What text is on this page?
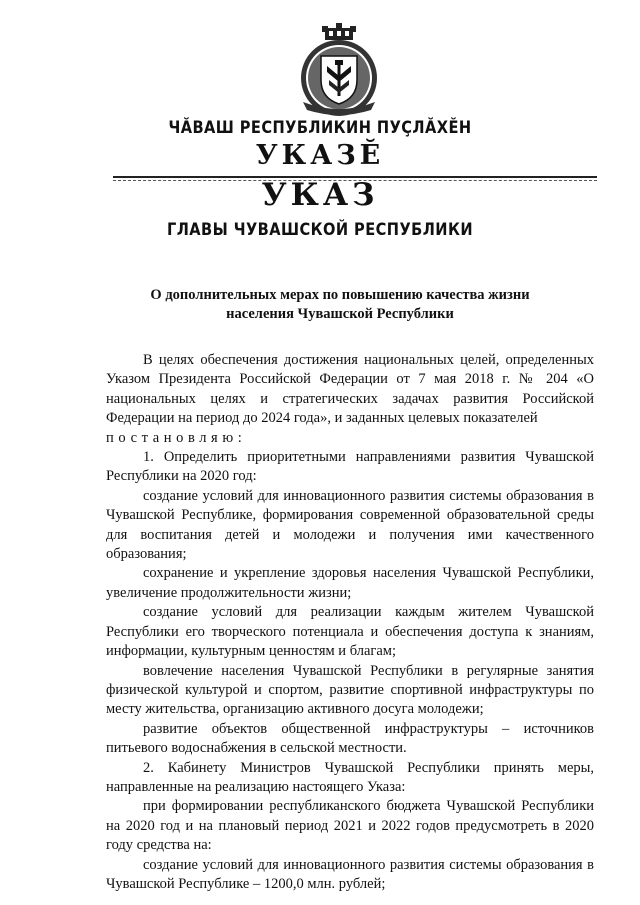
ЧӐВАШ РЕСПУБЛИКИН ПУҪЛӐХӖН
УКАЗӖ
УКАЗ
ГЛАВЫ ЧУВАШСКОЙ РЕСПУБЛИКИ
О дополнительных мерах по повышению качества жизни
населения Чувашской Республики

В целях обеспечения достижения национальных целей, определенных Указом Президента Российской Федерации от 7 мая 2018 г. № 204 «О национальных целях и стратегических задачах развития Российской Федерации на период до 2024 года», и заданных целевых показателей

постановляю:

1. Определить приоритетными направлениями развития Чувашской Республики на 2020 год:

создание условий для инновационного развития системы образования в Чувашской Республике, формирования современной образовательной среды для воспитания детей и молодежи и получения ими качественного образования;

сохранение и укрепление здоровья населения Чувашской Республики, увеличение продолжительности жизни;

создание условий для реализации каждым жителем Чувашской Республики его творческого потенциала и обеспечения доступа к знаниям, информации, культурным ценностям и благам;

вовлечение населения Чувашской Республики в регулярные занятия физической культурой и спортом, развитие спортивной инфраструктуры по месту жительства, организацию активного досуга молодежи;

развитие объектов общественной инфраструктуры – источников питьевого водоснабжения в сельской местности.

2. Кабинету Министров Чувашской Республики принять меры, направленные на реализацию настоящего Указа:

при формировании республиканского бюджета Чувашской Республики на 2020 год и на плановый период 2021 и 2022 годов предусмотреть в 2020 году средства на:

создание условий для инновационного развития системы образования в Чувашской Республике – 1200,0 млн. рублей;
